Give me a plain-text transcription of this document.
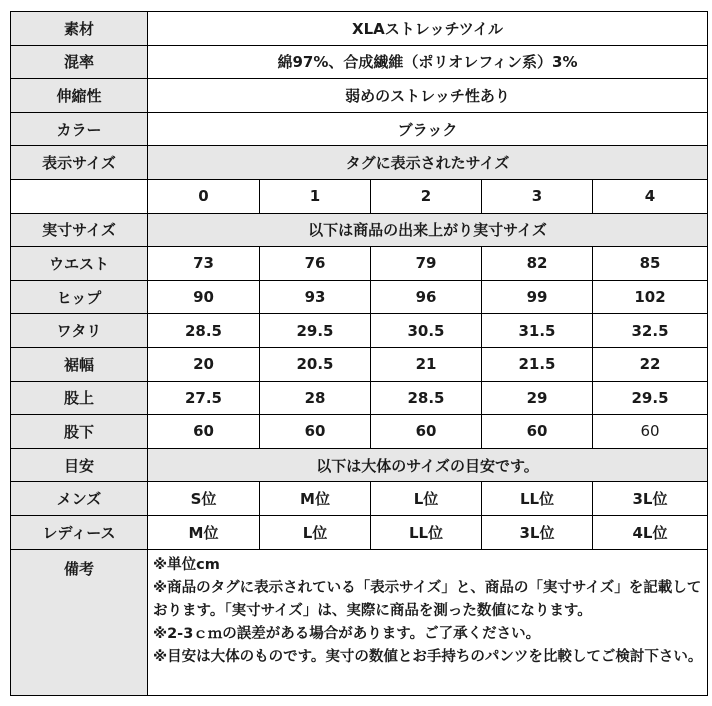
素材	XLAストレッチツイル				
混率	綿97%、合成繊維（ポリオレフィン系）3%				
伸縮性	弱めのストレッチ性あり				
カラー	ブラック				
表示サイズ	タグに表示されたサイズ				
	0	1	2	3	4
実寸サイズ	以下は商品の出来上がり実寸サイズ				
ウエスト	73	76	79	82	85
ヒップ	90	93	96	99	102
ワタリ	28.5	29.5	30.5	31.5	32.5
裾幅	20	20.5	21	21.5	22
股上	27.5	28	28.5	29	29.5
股下	60	60	60	60	60
目安	以下は大体のサイズの目安です。				
メンズ	S位	M位	L位	LL位	3L位
レディース	M位	L位	LL位	3L位	4L位
備考	※単位cm
※商品のタグに表示されている「表示サイズ」と、商品の「実寸サイズ」を記載しております。「実寸サイズ」は、実際に商品を測った数値になります。
※2-3ｃｍの誤差がある場合があります。ご了承ください。
※目安は大体のものです。実寸の数値とお手持ちのパンツを比較してご検討下さい。				
